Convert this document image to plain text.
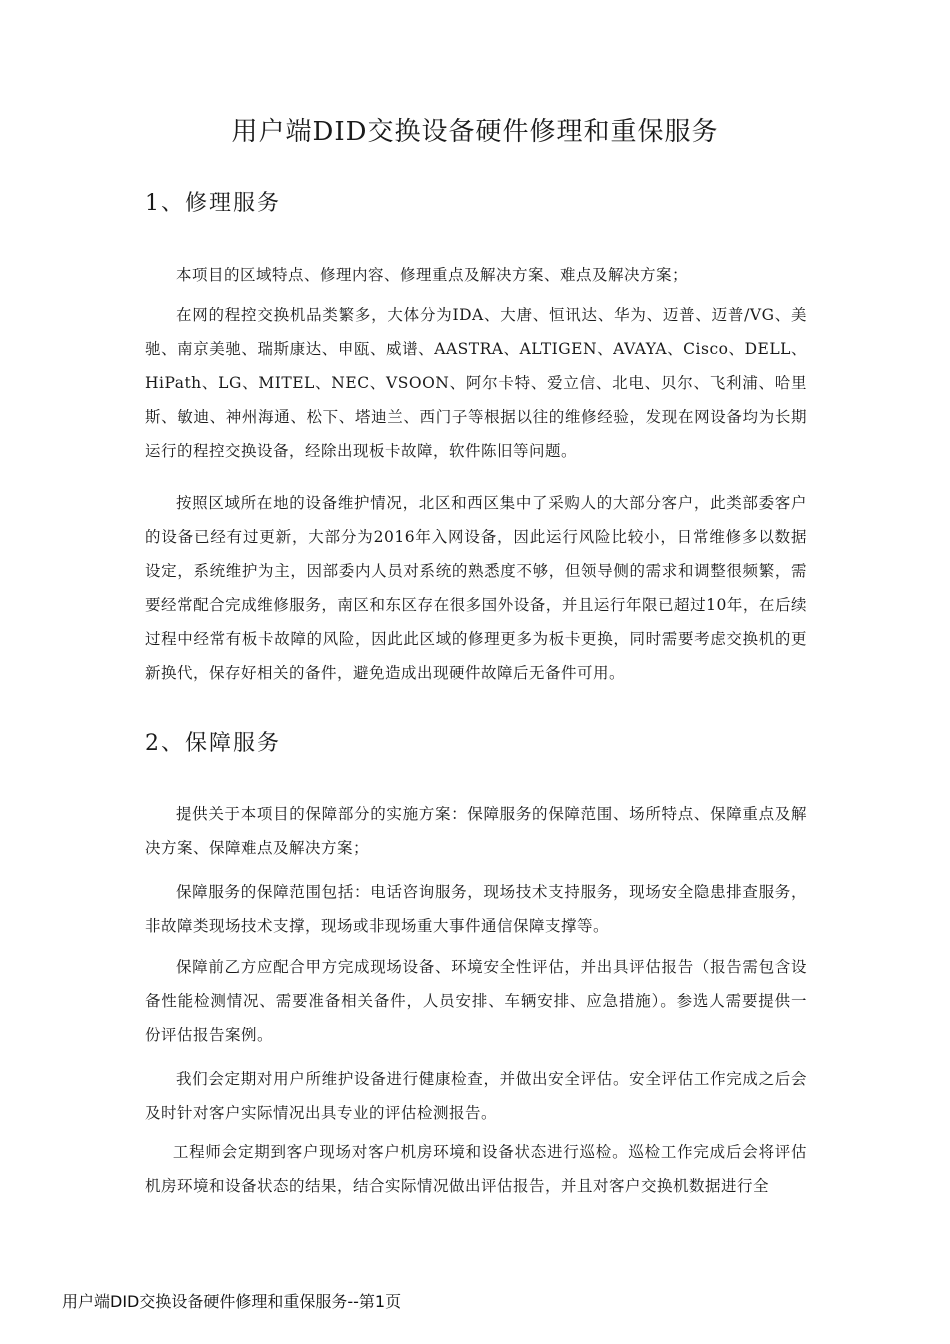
用户端DID交换设备硬件修理和重保服务
1、修理服务

本项目的区域特点、修理内容、修理重点及解决方案、难点及解决方案；

在网的程控交换机品类繁多，大体分为IDA、大唐、恒讯达、华为、迈普、迈普/VG、美驰、南京美驰、瑞斯康达、申瓯、威谱、AASTRA、ALTIGEN、AVAYA、Cisco、DELL、HiPath、LG、MITEL、NEC、VSOON、阿尔卡特、爱立信、北电、贝尔、飞利浦、哈里斯、敏迪、神州海通、松下、塔迪兰、西门子等根据以往的维修经验，发现在网设备均为长期运行的程控交换设备，经除出现板卡故障，软件陈旧等问题。

按照区域所在地的设备维护情况，北区和西区集中了采购人的大部分客户，此类部委客户的设备已经有过更新，大部分为2016年入网设备，因此运行风险比较小，日常维修多以数据设定，系统维护为主，因部委内人员对系统的熟悉度不够，但领导侧的需求和调整很频繁，需要经常配合完成维修服务，南区和东区存在很多国外设备，并且运行年限已超过10年，在后续过程中经常有板卡故障的风险，因此此区域的修理更多为板卡更换，同时需要考虑交换机的更新换代，保存好相关的备件，避免造成出现硬件故障后无备件可用。

2、保障服务

提供关于本项目的保障部分的实施方案：保障服务的保障范围、场所特点、保障重点及解决方案、保障难点及解决方案；

保障服务的保障范围包括：电话咨询服务，现场技术支持服务，现场安全隐患排查服务，非故障类现场技术支撑，现场或非现场重大事件通信保障支撑等。

保障前乙方应配合甲方完成现场设备、环境安全性评估，并出具评估报告（报告需包含设备性能检测情况、需要准备相关备件，人员安排、车辆安排、应急措施）。参选人需要提供一份评估报告案例。

我们会定期对用户所维护设备进行健康检查，并做出安全评估。安全评估工作完成之后会及时针对客户实际情况出具专业的评估检测报告。

工程师会定期到客户现场对客户机房环境和设备状态进行巡检。巡检工作完成后会将评估机房环境和设备状态的结果，结合实际情况做出评估报告，并且对客户交换机数据进行全

用户端DID交换设备硬件修理和重保服务--第1页
